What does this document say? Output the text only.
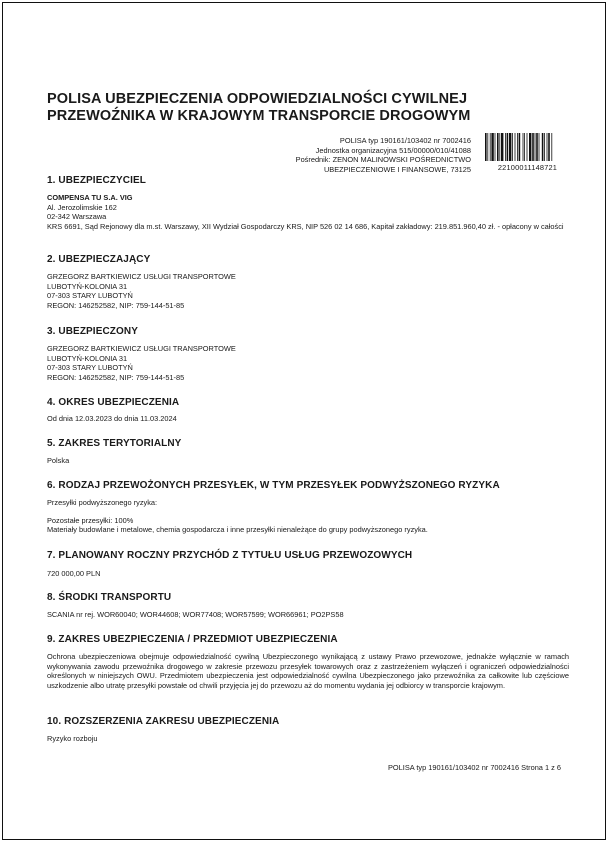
POLISA UBEZPIECZENIA ODPOWIEDZIALNOŚCI CYWILNEJ PRZEWOŹNIKA W KRAJOWYM TRANSPORCIE DROGOWYM
POLISA typ 190161/103402 nr 7002416
Jednostka organizacyjna 515/00000/010/41088
Pośrednik: ZENON MALINOWSKI POŚREDNICTWO
UBEZPIECZENIOWE I FINANSOWE, 73125	22100011148721
1. UBEZPIECZYCIEL

COMPENSA TU S.A. VIG

Al. Jerozolimskie 162

02-342 Warszawa

KRS 6691, Sąd Rejonowy dla m.st. Warszawy, XII Wydział Gospodarczy KRS, NIP 526 02 14 686, Kapitał zakładowy: 219.851.960,40 zł. - opłacony w całości

2. UBEZPIECZAJĄCY

GRZEGORZ BARTKIEWICZ USŁUGI TRANSPORTOWE

LUBOTYŃ-KOLONIA 31

07-303 STARY LUBOTYŃ

REGON: 146252582, NIP: 759-144-51-85

3. UBEZPIECZONY

GRZEGORZ BARTKIEWICZ USŁUGI TRANSPORTOWE

LUBOTYŃ-KOLONIA 31

07-303 STARY LUBOTYŃ

REGON: 146252582, NIP: 759-144-51-85

4. OKRES UBEZPIECZENIA
Od dnia 12.03.2023 do dnia 11.03.2024
5. ZAKRES TERYTORIALNY
Polska
6. RODZAJ PRZEWOŻONYCH PRZESYŁEK, W TYM PRZESYŁEK PODWYŻSZONEGO RYZYKA

Przesyłki podwyższonego ryzyka:

Pozostałe przesyłki: 100%

Materiały budowlane i metalowe, chemia gospodarcza i inne przesyłki nienależące do grupy podwyższonego ryzyka.

7. PLANOWANY ROCZNY PRZYCHÓD Z TYTUŁU USŁUG PRZEWOZOWYCH
720 000,00 PLN
8. ŚRODKI TRANSPORTU
SCANIA nr rej. WOR60040; WOR44608; WOR77408; WOR57599; WOR66961; PO2PS58
9. ZAKRES UBEZPIECZENIA / PRZEDMIOT UBEZPIECZENIA
Ochrona ubezpieczeniowa obejmuje odpowiedzialność cywilną Ubezpieczonego wynikającą z ustawy Prawo przewozowe, jednakże wyłącznie w ramach wykonywania zawodu przewoźnika drogowego w zakresie przewozu przesyłek towarowych oraz z zastrzeżeniem wyłączeń i ograniczeń odpowiedzialności określonych w niniejszych OWU. Przedmiotem ubezpieczenia jest odpowiedzialność cywilna Ubezpieczonego jako przewoźnika za całkowite lub częściowe uszkodzenie albo utratę przesyłki powstałe od chwili przyjęcia jej do przewozu aż do momentu wydania jej odbiorcy w transporcie krajowym.
10. ROZSZERZENIA ZAKRESU UBEZPIECZENIA
Ryzyko rozboju
POLISA typ 190161/103402 nr 7002416 Strona 1 z 6
